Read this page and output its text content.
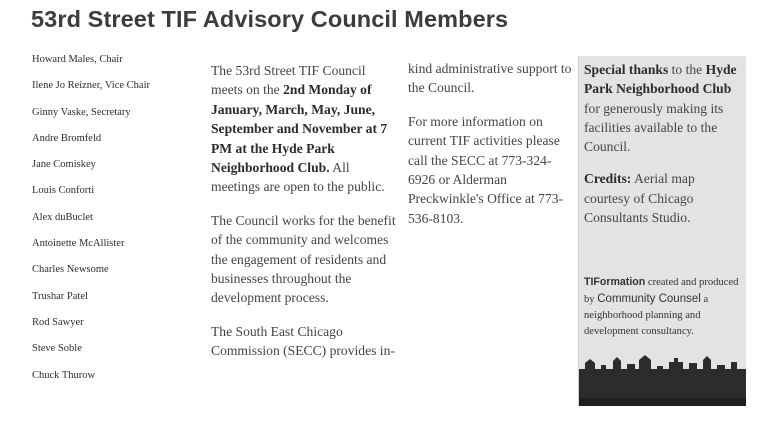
53rd Street TIF Advisory Council Members
Howard Males, Chair
Ilene Jo Reizner, Vice Chair
Ginny Vaske, Secretary
Andre Bromfeld
Jane Comiskey
Louis Conforti
Alex duBuclet
Antoinette McAllister
Charles Newsome
Trushar Patel
Rod Sawyer
Steve Soble
Chuck Thurow

The 53rd Street TIF Council meets on the 2nd Monday of January, March, May, June, September and November at 7 PM at the Hyde Park Neighborhood Club. All meetings are open to the public.

The Council works for the benefit of the community and welcomes the engagement of residents and businesses throughout the development process.

The South East Chicago Commission (SECC) provides in-

kind administrative support to the Council.

For more information on current TIF activities please call the SECC at 773-324-6926 or Alderman Preckwinkle's Office at 773-536-8103.

Special thanks to the Hyde Park Neighborhood Club for generously making its facilities available to the Council.

Credits: Aerial map courtesy of Chicago Consultants Studio.

TIFormation created and produced by Community Counsel a neighborhood planning and development consultancy.
